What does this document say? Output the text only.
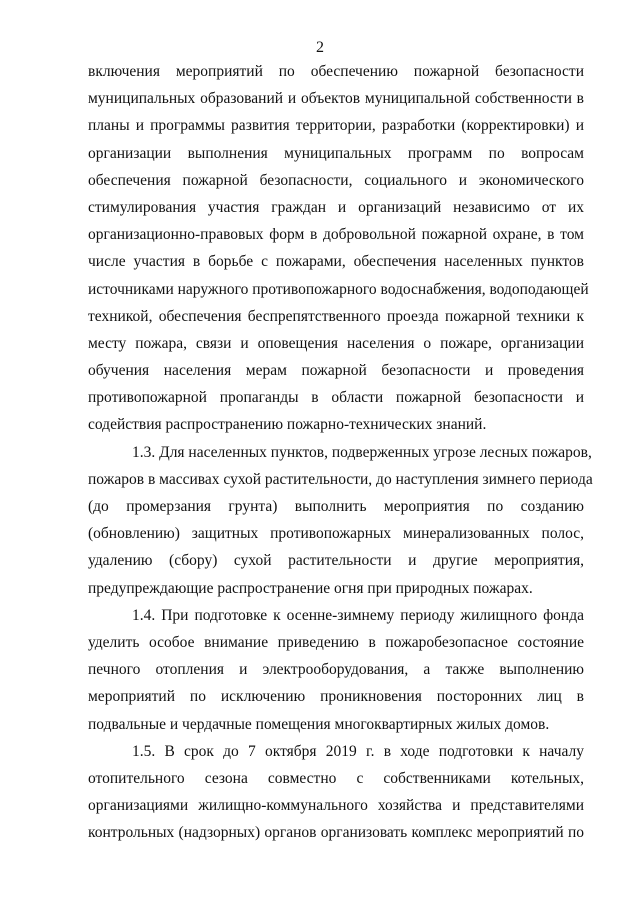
2

включения мероприятий по обеспечению пожарной безопасности
муниципальных образований и объектов муниципальной собственности в
планы и программы развития территории, разработки (корректировки) и
организации выполнения муниципальных программ по вопросам
обеспечения пожарной безопасности, социального и экономического
стимулирования участия граждан и организаций независимо от их
организационно-правовых форм в добровольной пожарной охране, в том
числе участия в борьбе с пожарами, обеспечения населенных пунктов
источниками наружного противопожарного водоснабжения, водоподающей
техникой, обеспечения беспрепятственного проезда пожарной техники к
месту пожара, связи и оповещения населения о пожаре, организации
обучения населения мерам пожарной безопасности и проведения
противопожарной пропаганды в области пожарной безопасности и
содействия распространению пожарно-технических знаний.

1.3. Для населенных пунктов, подверженных угрозе лесных пожаров,
пожаров в массивах сухой растительности, до наступления зимнего периода
(до промерзания грунта) выполнить мероприятия по созданию
(обновлению) защитных противопожарных минерализованных полос,
удалению (сбору) сухой растительности и другие мероприятия,
предупреждающие распространение огня при природных пожарах.

1.4. При подготовке к осенне-зимнему периоду жилищного фонда
уделить особое внимание приведению в пожаробезопасное состояние
печного отопления и электрооборудования, а также выполнению
мероприятий по исключению проникновения посторонних лиц в
подвальные и чердачные помещения многоквартирных жилых домов.

1.5. В срок до 7 октября 2019 г. в ходе подготовки к началу
отопительного сезона совместно с собственниками котельных,
организациями жилищно-коммунального хозяйства и представителями
контрольных (надзорных) органов организовать комплекс мероприятий по
